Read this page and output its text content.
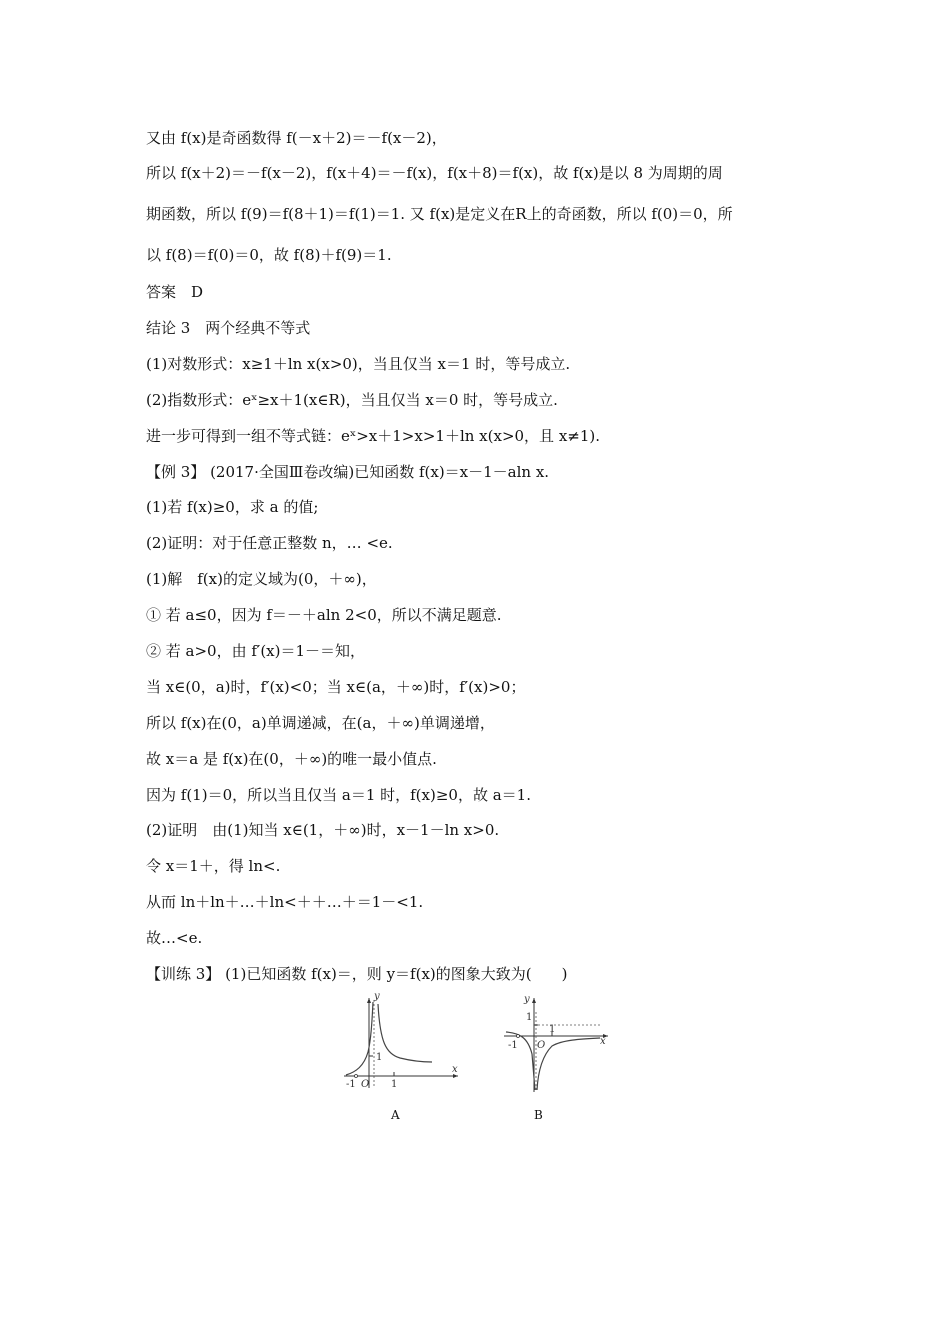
又由 f(x)是奇函数得 f(－x＋2)＝－f(x－2)，
所以 f(x＋2)＝－f(x－2)，f(x＋4)＝－f(x)，f(x＋8)＝f(x)，故 f(x)是以 8 为周期的周
期函数，所以 f(9)＝f(8＋1)＝f(1)＝1. 又 f(x)是定义在R上的奇函数，所以 f(0)＝0，所
以 f(8)＝f(0)＝0，故 f(8)＋f(9)＝1.
答案　D
结论 3　两个经典不等式
(1)对数形式：x≥1＋ln x(x>0)，当且仅当 x＝1 时，等号成立.
(2)指数形式：eˣ≥x＋1(x∈R)，当且仅当 x＝0 时，等号成立.
进一步可得到一组不等式链：eˣ>x＋1>x>1＋ln x(x>0，且 x≠1).
【例 3】 (2017·全国Ⅲ卷改编)已知函数 f(x)＝x－1－aln x.
(1)若 f(x)≥0，求 a 的值;
(2)证明：对于任意正整数 n，… <e.
(1)解　f(x)的定义域为(0，＋∞)，
① 若 a≤0，因为 f＝－＋aln 2<0，所以不满足题意.
② 若 a>0，由 f′(x)＝1－＝知，
当 x∈(0，a)时，f′(x)<0；当 x∈(a，＋∞)时，f′(x)>0；
所以 f(x)在(0，a)单调递减，在(a，＋∞)单调递增，
故 x＝a 是 f(x)在(0，＋∞)的唯一最小值点.
因为 f(1)＝0，所以当且仅当 a＝1 时，f(x)≥0，故 a＝1.
(2)证明　由(1)知当 x∈(1，＋∞)时，x－1－ln x>0.
令 x＝1＋，得 ln<.
从而 ln＋ln＋…＋ln<＋＋…＋＝1－<1.
故…<e.
【训练 3】 (1)已知函数 f(x)＝，则 y＝f(x)的图象大致为(　　)
y
x
1
-1 O 1
A
y
x
1
-1 O
1
B
